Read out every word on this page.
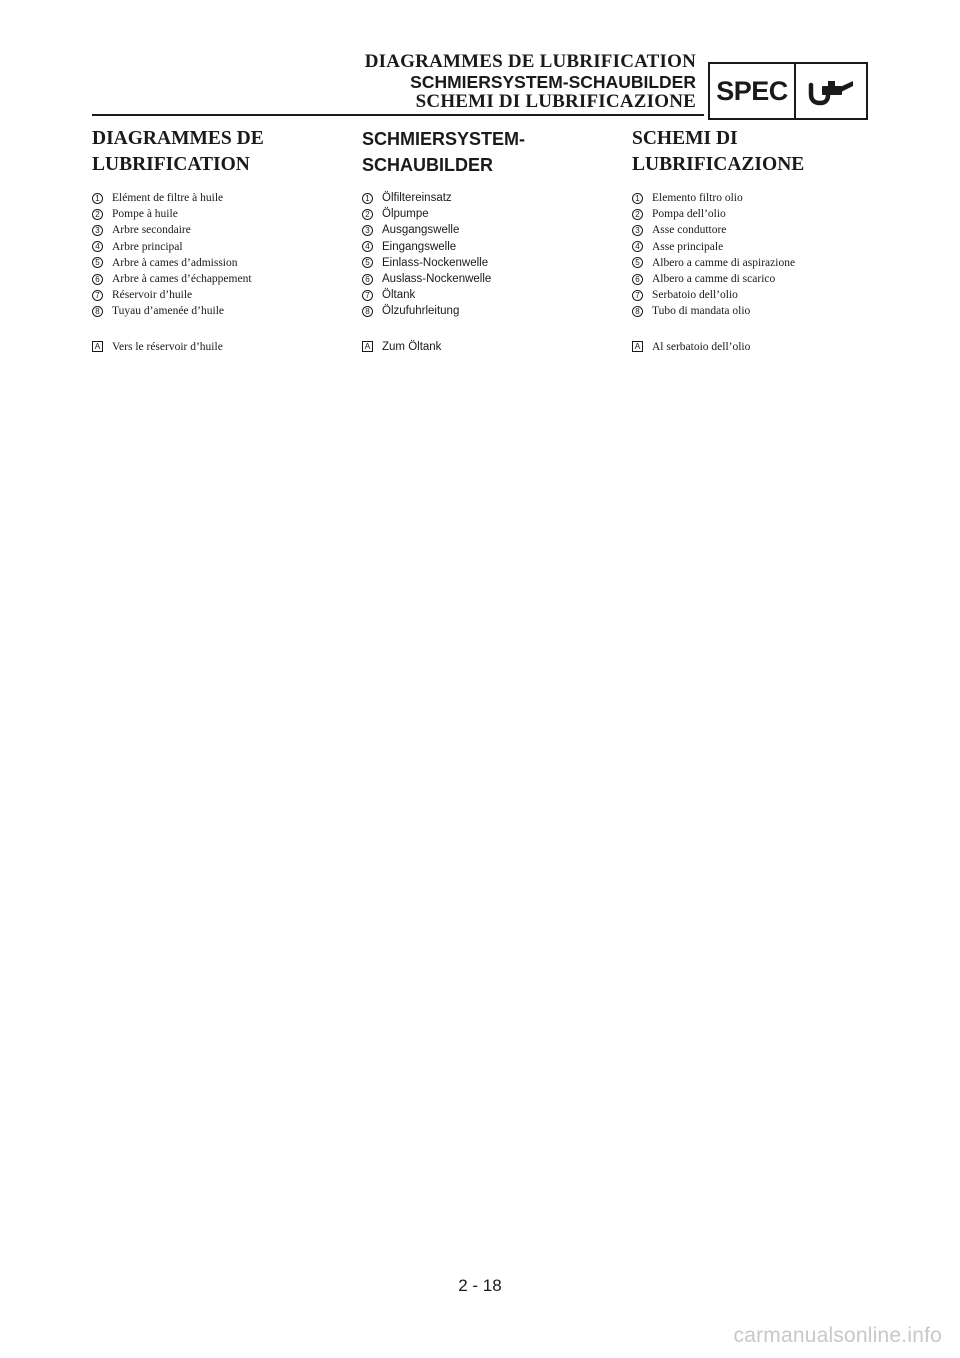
DIAGRAMMES DE LUBRIFICATION
SCHMIERSYSTEM-SCHAUBILDER
SCHEMI DI LUBRIFICAZIONE SPEC
DIAGRAMMES DE
LUBRIFICATION
1 Elément de filtre à huile
2 Pompe à huile
3 Arbre secondaire
4 Arbre principal
5 Arbre à cames d’admission
6 Arbre à cames d’échappement
7 Réservoir d’huile
8 Tuyau d’amenée d’huile
A Vers le réservoir d’huile
SCHMIERSYSTEM-
SCHAUBILDER
1 Ölfiltereinsatz
2 Ölpumpe
3 Ausgangswelle
4 Eingangswelle
5 Einlass-Nockenwelle
6 Auslass-Nockenwelle
7 Öltank
8 Ölzufuhrleitung
A Zum Öltank
SCHEMI DI
LUBRIFICAZIONE
1 Elemento filtro olio
2 Pompa dell’olio
3 Asse conduttore
4 Asse principale
5 Albero a camme di aspirazione
6 Albero a camme di scarico
7 Serbatoio dell’olio
8 Tubo di mandata olio
A Al serbatoio dell’olio
2 - 18
carmanualsonline.info
